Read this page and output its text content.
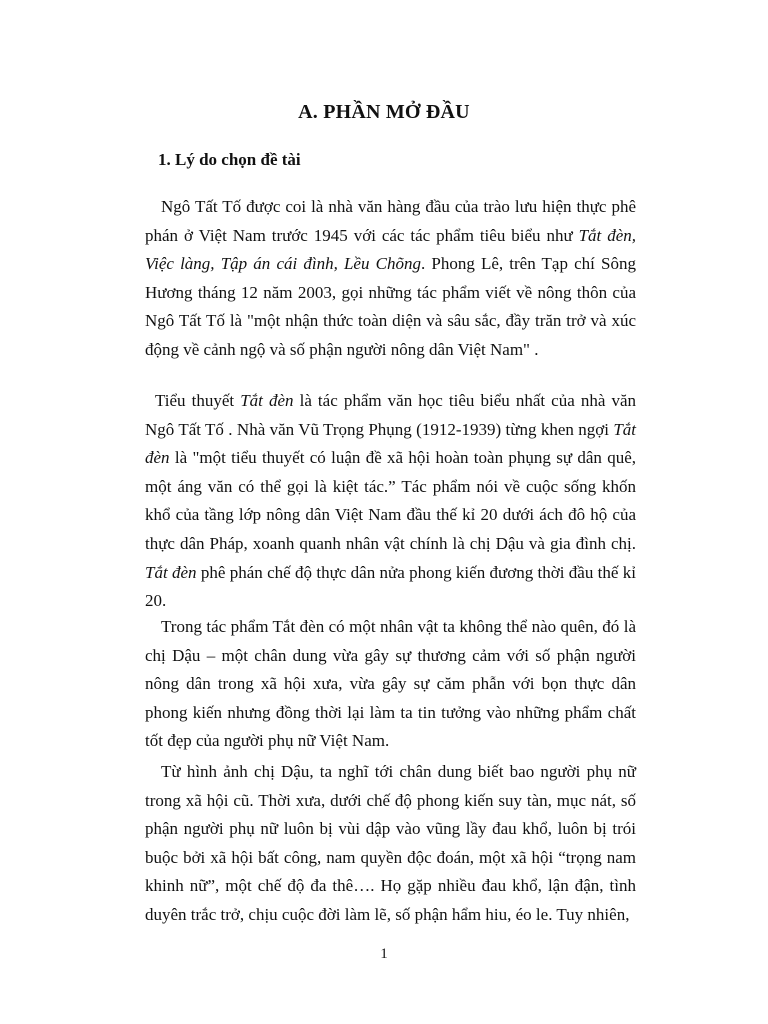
A. PHẦN MỞ ĐẦU
1. Lý do chọn đề tài
Ngô Tất Tố được coi là nhà văn hàng đầu của trào lưu hiện thực phê phán ở Việt Nam trước 1945 với các tác phẩm tiêu biểu như Tắt đèn, Việc làng, Tập án cái đình, Lều Chõng. Phong Lê, trên Tạp chí Sông Hương tháng 12 năm 2003, gọi những tác phẩm viết về nông thôn của Ngô Tất Tố là "một nhận thức toàn diện và sâu sắc, đầy trăn trở và xúc động về cảnh ngộ và số phận người nông dân Việt Nam" .
Tiểu thuyết Tắt đèn là tác phẩm văn học tiêu biểu nhất của nhà văn Ngô Tất Tố . Nhà văn Vũ Trọng Phụng (1912-1939) từng khen ngợi Tắt đèn là "một tiểu thuyết có luận đề xã hội hoàn toàn phụng sự dân quê, một áng văn có thể gọi là kiệt tác.” Tác phẩm nói về cuộc sống khốn khổ của tầng lớp nông dân Việt Nam đầu thế kỉ 20 dưới ách đô hộ của thực dân Pháp, xoanh quanh nhân vật chính là chị Dậu và gia đình chị. Tắt đèn phê phán chế độ thực dân nửa phong kiến đương thời đầu thế kỉ 20.
Trong tác phẩm Tắt đèn có một nhân vật ta không thể nào quên, đó là chị Dậu – một chân dung vừa gây sự thương cảm với số phận người nông dân trong xã hội xưa, vừa gây sự căm phẫn với bọn thực dân phong kiến nhưng đồng thời lại làm ta tin tưởng vào những phẩm chất tốt đẹp của người phụ nữ Việt Nam.
Từ hình ảnh chị Dậu, ta nghĩ tới chân dung biết bao người phụ nữ trong xã hội cũ. Thời xưa, dưới chế độ phong kiến suy tàn, mục nát, số phận người phụ nữ luôn bị vùi dập vào vũng lầy đau khổ, luôn bị trói buộc bởi xã hội bất công, nam quyền độc đoán, một xã hội “trọng nam khinh nữ”, một chế độ đa thê…. Họ gặp nhiều đau khổ, lận đận, tình duyên trắc trở, chịu cuộc đời làm lẽ, số phận hẩm hiu, éo le. Tuy nhiên,
1
